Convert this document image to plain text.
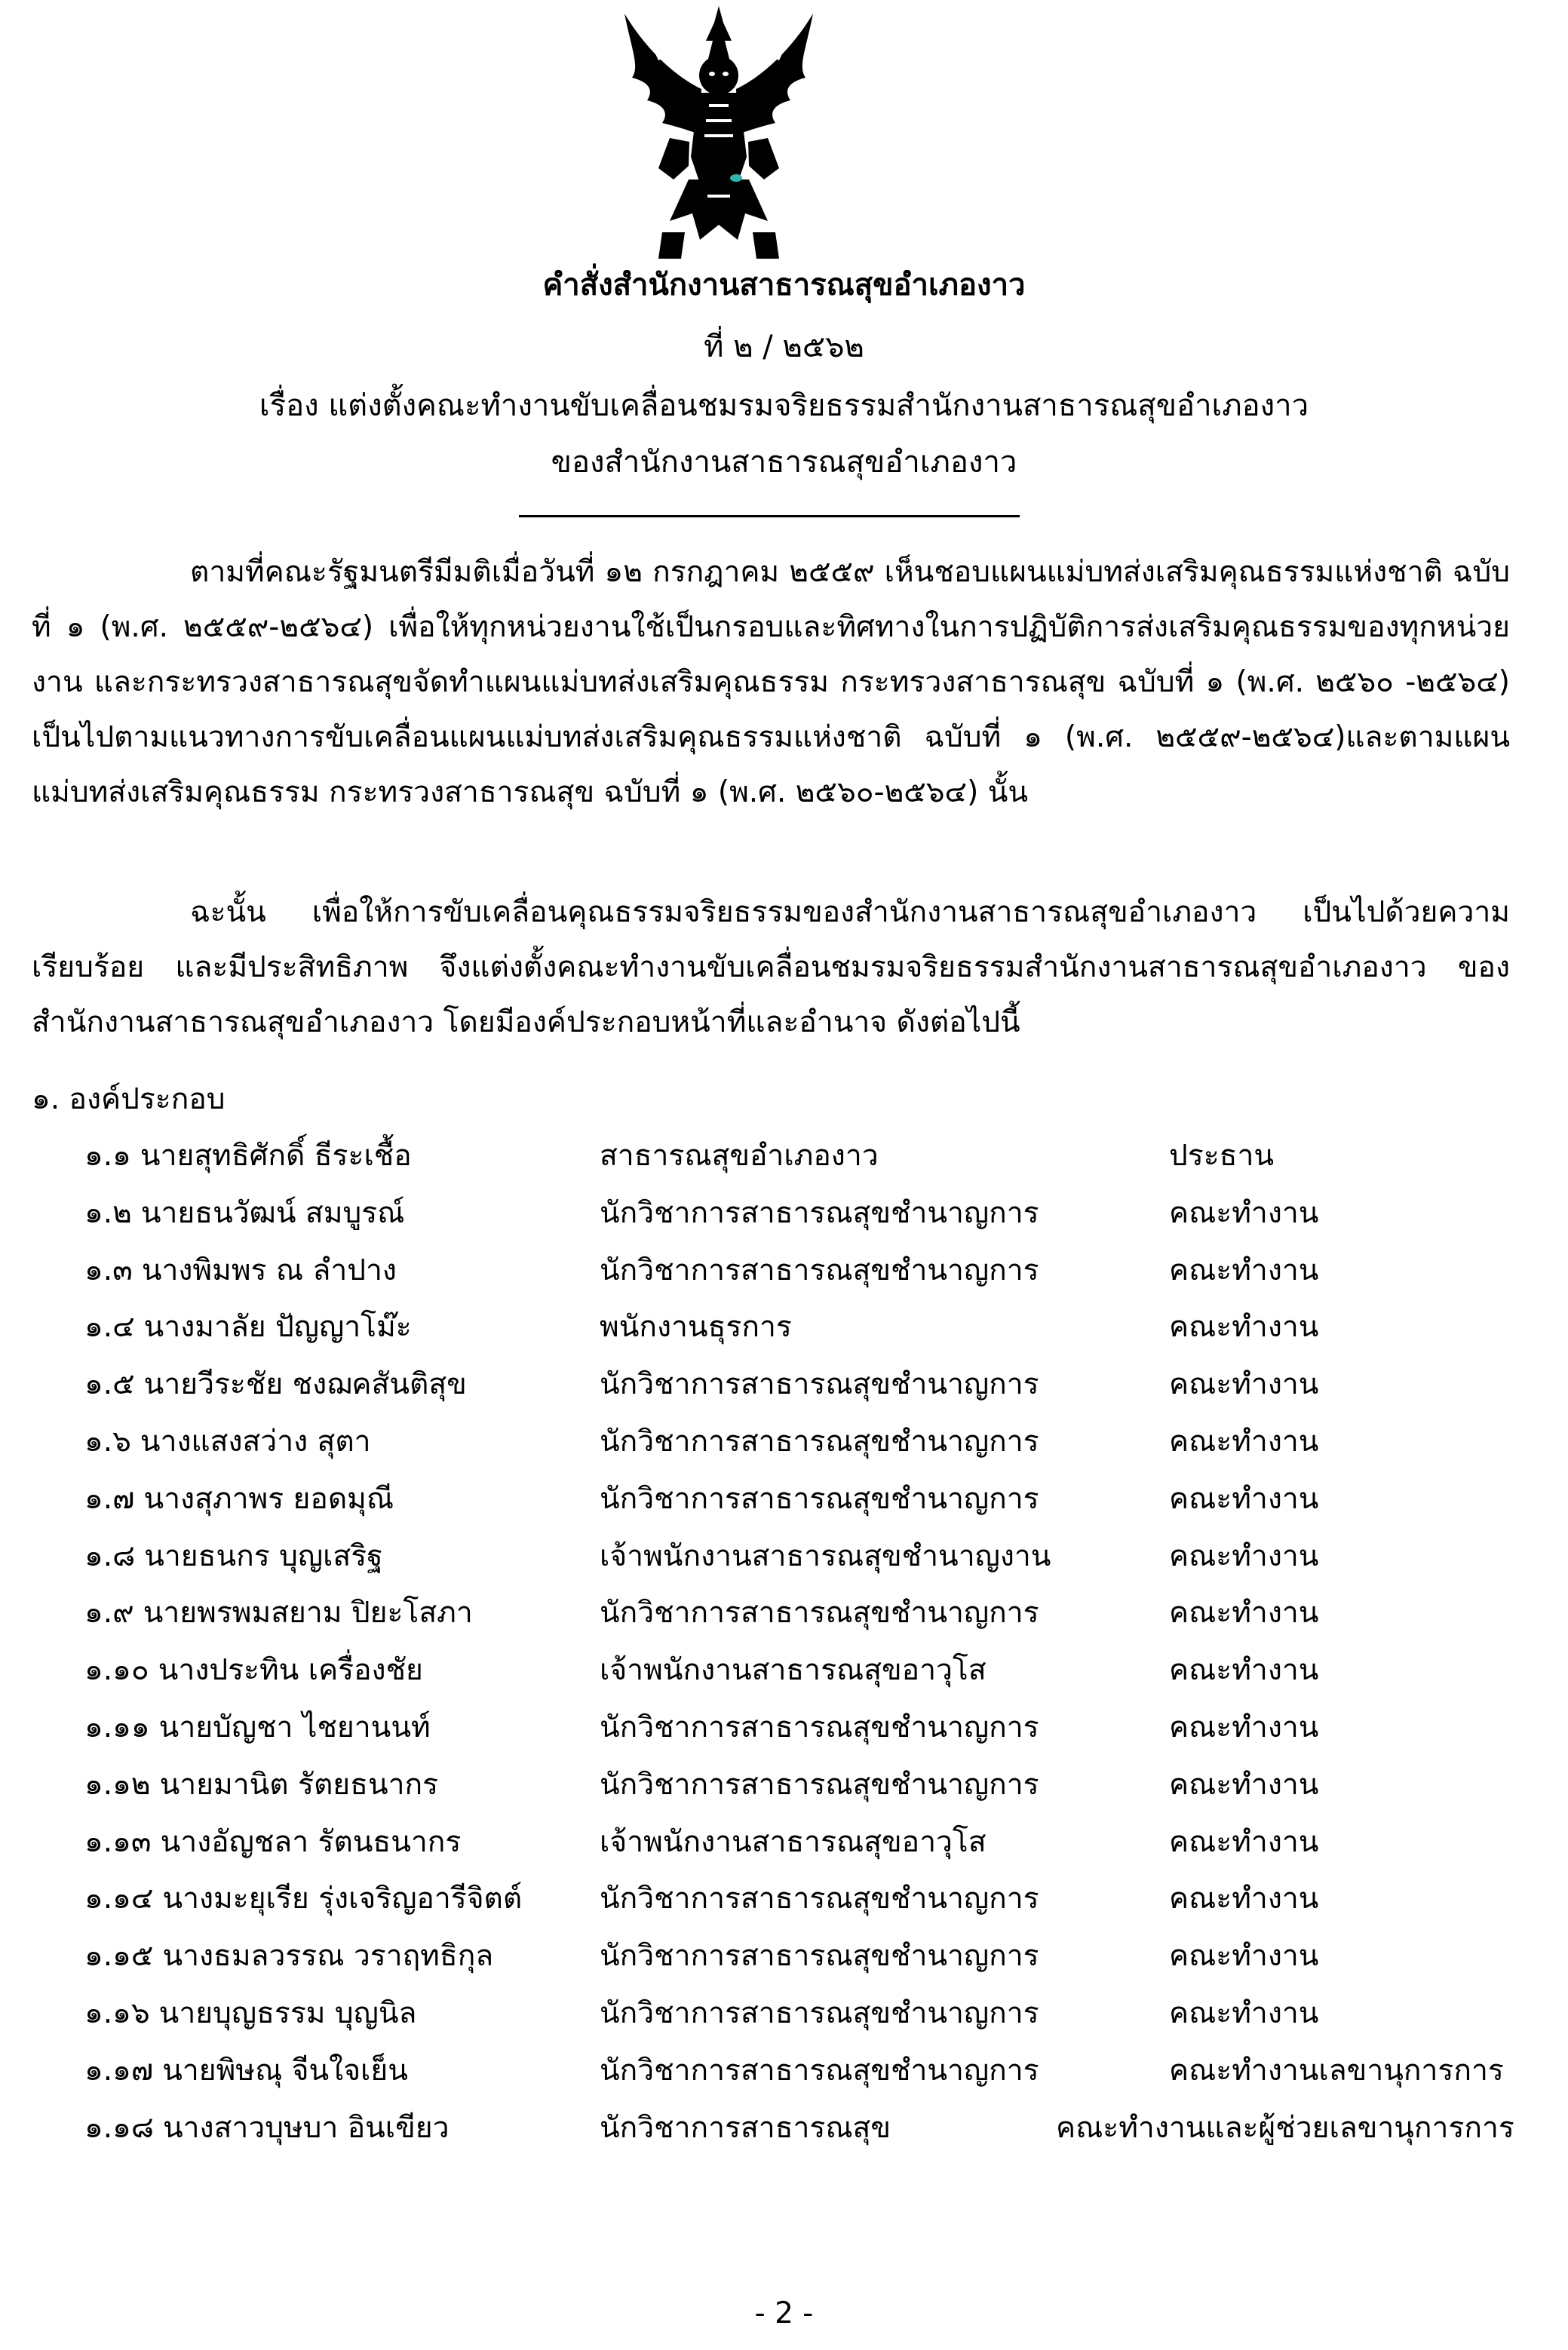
คำสั่งสำนักงานสาธารณสุขอำเภองาว
ที่ ๒ / ๒๕๖๒
เรื่อง แต่งตั้งคณะทำงานขับเคลื่อนชมรมจริยธรรมสำนักงานสาธารณสุขอำเภองาว
ของสำนักงานสาธารณสุขอำเภองาว
ตามที่คณะรัฐมนตรีมีมติเมื่อวันที่ ๑๒ กรกฎาคม ๒๕๕๙ เห็นชอบแผนแม่บทส่งเสริมคุณธรรมแห่งชาติ ฉบับที่ ๑ (พ.ศ. ๒๕๕๙-๒๕๖๔) เพื่อให้ทุกหน่วยงานใช้เป็นกรอบและทิศทางในการปฏิบัติการส่งเสริมคุณธรรมของทุกหน่วยงาน และกระทรวงสาธารณสุขจัดทำแผนแม่บทส่งเสริมคุณธรรม กระทรวงสาธารณสุข ฉบับที่ ๑ (พ.ศ. ๒๕๖๐ -๒๕๖๔) เป็นไปตามแนวทางการขับเคลื่อนแผนแม่บทส่งเสริมคุณธรรมแห่งชาติ ฉบับที่ ๑ (พ.ศ. ๒๕๕๙-๒๕๖๔)และตามแผนแม่บทส่งเสริมคุณธรรม กระทรวงสาธารณสุข ฉบับที่ ๑ (พ.ศ. ๒๕๖๐-๒๕๖๔) นั้น
ฉะนั้น เพื่อให้การขับเคลื่อนคุณธรรมจริยธรรมของสำนักงานสาธารณสุขอำเภองาว เป็นไปด้วยความเรียบร้อย และมีประสิทธิภาพ จึงแต่งตั้งคณะทำงานขับเคลื่อนชมรมจริยธรรมสำนักงานสาธารณสุขอำเภองาว ของสำนักงานสาธารณสุขอำเภองาว โดยมีองค์ประกอบหน้าที่และอำนาจ ดังต่อไปนี้
๑. องค์ประกอบ
๑.๑ นายสุทธิศักดิ์ ธีระเชื้อ	สาธารณสุขอำเภองาว	ประธาน
๑.๒ นายธนวัฒน์ สมบูรณ์	นักวิชาการสาธารณสุขชำนาญการ	คณะทำงาน
๑.๓ นางพิมพร ณ ลำปาง	นักวิชาการสาธารณสุขชำนาญการ	คณะทำงาน
๑.๔ นางมาลัย ปัญญาโม๊ะ	พนักงานธุรการ	คณะทำงาน
๑.๕ นายวีระชัย ชงฌคสันติสุข	นักวิชาการสาธารณสุขชำนาญการ	คณะทำงาน
๑.๖ นางแสงสว่าง สุตา	นักวิชาการสาธารณสุขชำนาญการ	คณะทำงาน
๑.๗ นางสุภาพร ยอดมุณี	นักวิชาการสาธารณสุขชำนาญการ	คณะทำงาน
๑.๘ นายธนกร บุญเสริฐ	เจ้าพนักงานสาธารณสุขชำนาญงาน	คณะทำงาน
๑.๙ นายพรพมสยาม ปิยะโสภา	นักวิชาการสาธารณสุขชำนาญการ	คณะทำงาน
๑.๑๐ นางประทิน เครื่องชัย	เจ้าพนักงานสาธารณสุขอาวุโส	คณะทำงาน
๑.๑๑ นายบัญชา ไชยานนท์	นักวิชาการสาธารณสุขชำนาญการ	คณะทำงาน
๑.๑๒ นายมานิต รัตยธนากร	นักวิชาการสาธารณสุขชำนาญการ	คณะทำงาน
๑.๑๓ นางอัญชลา รัตนธนากร	เจ้าพนักงานสาธารณสุขอาวุโส	คณะทำงาน
๑.๑๔ นางมะยุเรีย รุ่งเจริญอารีจิตต์	นักวิชาการสาธารณสุขชำนาญการ	คณะทำงาน
๑.๑๕ นางธมลวรรณ วราฤทธิกุล	นักวิชาการสาธารณสุขชำนาญการ	คณะทำงาน
๑.๑๖ นายบุญธรรม บุญนิล	นักวิชาการสาธารณสุขชำนาญการ	คณะทำงาน
๑.๑๗ นายพิษณุ จีนใจเย็น	นักวิชาการสาธารณสุขชำนาญการ	คณะทำงานเลขานุการการ
๑.๑๘ นางสาวบุษบา อินเขียว	นักวิชาการสาธารณสุข	คณะทำงานและผู้ช่วยเลขานุการการ
- 2 -
